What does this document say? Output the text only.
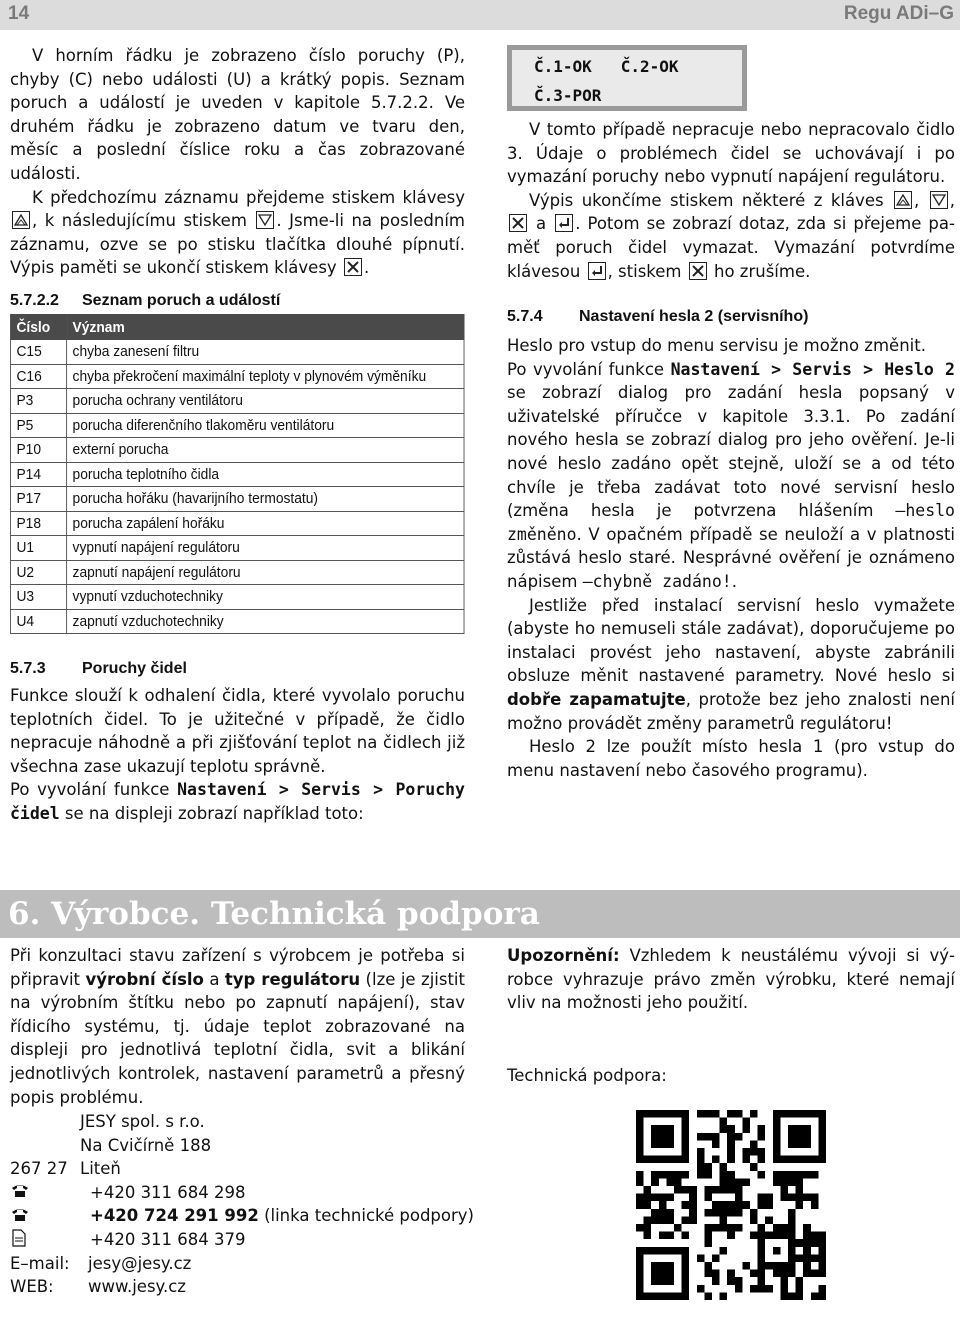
14	Regu ADi–G

V horním řádku je zobrazeno číslo poruchy (P), chyby (C) nebo události (U) a krátký popis. Seznam poruch a událostí je uveden v kapitole 5.7.2.2. Ve druhém řádku je zobrazeno datum ve tvaru den, měsíc a poslední číslice roku a čas zobrazované události.

K předchozímu záznamu přejdeme stiskem klávesy
, k následujícímu stiskem
. Jsme-li na posledním záznamu, ozve se po stisku tlačítka dlouhé pípnutí. Výpis paměti se ukončí stiskem klávesy
.

5.7.2.2 Seznam poruch a událostí
Číslo	Význam
C15	chyba zanesení filtru
C16	chyba překročení maximální teploty v plynovém výměníku
P3	porucha ochrany ventilátoru
P5	porucha diferenčního tlakoměru ventilátoru
P10	externí porucha
P14	porucha teplotního čidla
P17	porucha hořáku (havarijního termostatu)
P18	porucha zapálení hořáku
U1	vypnutí napájení regulátoru
U2	zapnutí napájení regulátoru
U3	vypnutí vzduchotechniky
U4	zapnutí vzduchotechniky
5.7.3 Poruchy čidel

Funkce slouží k odhalení čidla, které vyvolalo poruchu teplotních čidel. To je užitečné v případě, že čidlo nepracuje náhodně a při zjišťování teplot na čidlech již všechna zase ukazují teplotu správně.

Po vyvolání funkce Nastavení > Servis > Poruchy čidel se na displeji zobrazí například toto:

Č.1-OK   Č.2-OK
Č.3-POR

V tomto případě nepracuje nebo nepracovalo čidlo 3. Údaje o problémech čidel se uchovávají i po vymazání poruchy nebo vypnutí napájení regulátoru.

Výpis ukončíme stiskem některé z kláves
,
,
a
. Potom se zobrazí dotaz, zda si přejeme paměť poruch čidel vymazat. Vymazání potvrdíme klávesou
, stiskem
ho zrušíme.

5.7.4 Nastavení hesla 2 (servisního)

Heslo pro vstup do menu servisu je možno změnit.

Po vyvolání funkce Nastavení > Servis > Heslo 2 se zobrazí dialog pro zadání hesla popsaný v uživatelské příručce v kapitole 3.3.1. Po zadání nového hesla se zobrazí dialog pro jeho ověření. Je-li nové heslo zadáno opět stejně, uloží se a od této chvíle je třeba zadávat toto nové servisní heslo (změna hesla je potvrzena hlášením –heslo změněno. V opačném případě se neuloží a v platnosti zůstává heslo staré. Nesprávné ověření je oznámeno nápisem –chybně zadáno!.

Jestliže před instalací servisní heslo vymažete (abyste ho nemuseli stále zadávat), doporučujeme po instalaci provést jeho nastavení, abyste zabránili obsluze měnit nastavené parametry. Nové heslo si dobře zapamatujte, protože bez jeho znalosti není možno provádět změny parametrů regulátoru!

Heslo 2 lze použít místo hesla 1 (pro vstup do menu nastavení nebo časového programu).

6. Výrobce. Technická podpora

Při konzultaci stavu zařízení s výrobcem je potřeba si připravit výrobní číslo a typ regulátoru (lze je zjistit na výrobním štítku nebo po zapnutí napájení), stav řídicího systému, tj. údaje teplot zobrazované na displeji pro jednotlivá teplotní čidla, svit a blikání jednotlivých kontrolek, nastavení parametrů a přesný popis problému.

JESY spol. s r.o.
Na Cvičírně 188
267 27 Liteň
+420 311 684 298
+420 724 291 992 (linka technické podpory)
+420 311 684 379
E–mail: jesy@jesy.cz
WEB: www.jesy.cz

Upozornění: Vzhledem k neustálému vývoji si výrobce vyhrazuje právo změn výrobku, které nemají vliv na možnosti jeho použití.

Technická podpora:
